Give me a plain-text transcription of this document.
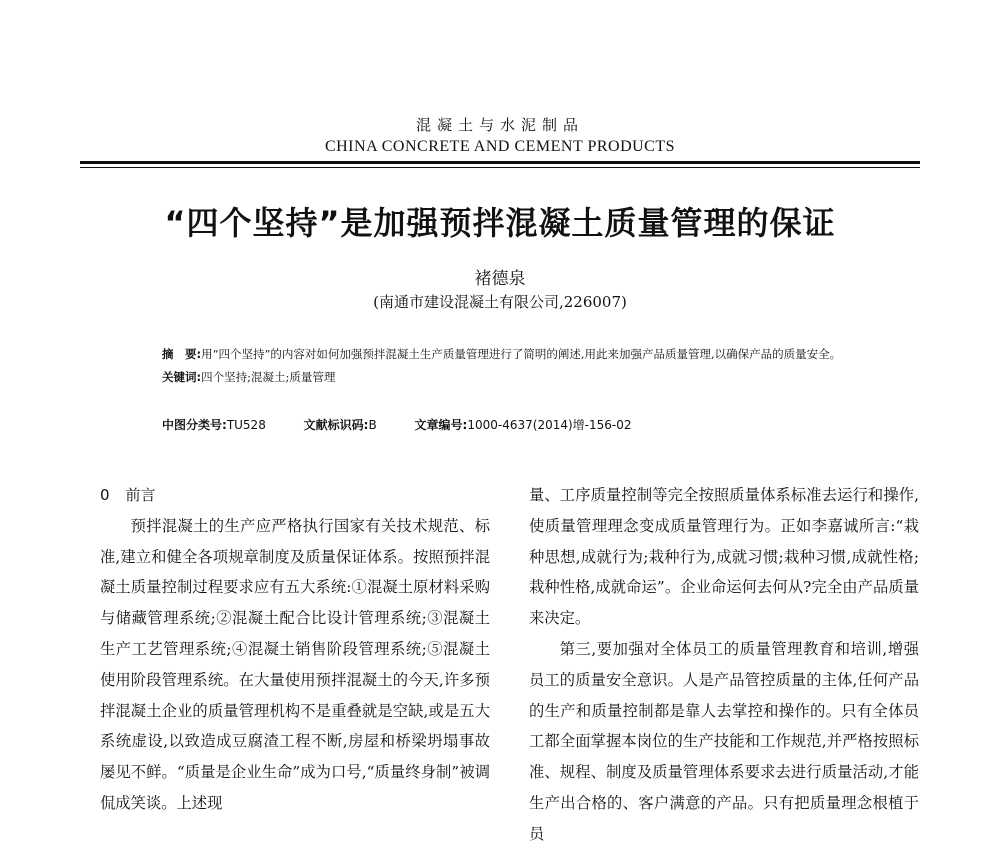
混凝土与水泥制品
CHINA CONCRETE AND CEMENT PRODUCTS
“四个坚持”是加强预拌混凝土质量管理的保证
褚德泉
(南通市建设混凝土有限公司,226007)
摘　要:用“四个坚持”的内容对如何加强预拌混凝土生产质量管理进行了简明的阐述,用此来加强产品质量管理,以确保产品的质量安全。
关键词:四个坚持;混凝土;质量管理
中图分类号:TU528	文献标识码:B	文章编号:1000-4637(2014)增-156-02

0 前言

预拌混凝土的生产应严格执行国家有关技术规范、标准,建立和健全各项规章制度及质量保证体系。按照预拌混凝土质量控制过程要求应有五大系统:①混凝土原材料采购与储藏管理系统;②混凝土配合比设计管理系统;③混凝土生产工艺管理系统;④混凝土销售阶段管理系统;⑤混凝土使用阶段管理系统。在大量使用预拌混凝土的今天,许多预拌混凝土企业的质量管理机构不是重叠就是空缺,或是五大系统虚设,以致造成豆腐渣工程不断,房屋和桥梁坍塌事故屡见不鲜。“质量是企业生命”成为口号,“质量终身制”被调侃成笑谈。上述现

量、工序质量控制等完全按照质量体系标准去运行和操作,使质量管理理念变成质量管理行为。正如李嘉诚所言:“栽种思想,成就行为;栽种行为,成就习惯;栽种习惯,成就性格;栽种性格,成就命运”。企业命运何去何从?完全由产品质量来决定。

第三,要加强对全体员工的质量管理教育和培训,增强员工的质量安全意识。人是产品管控质量的主体,任何产品的生产和质量控制都是靠人去掌控和操作的。只有全体员工都全面掌握本岗位的生产技能和工作规范,并严格按照标准、规程、制度及质量管理体系要求去进行质量活动,才能生产出合格的、客户满意的产品。只有把质量理念根植于员
